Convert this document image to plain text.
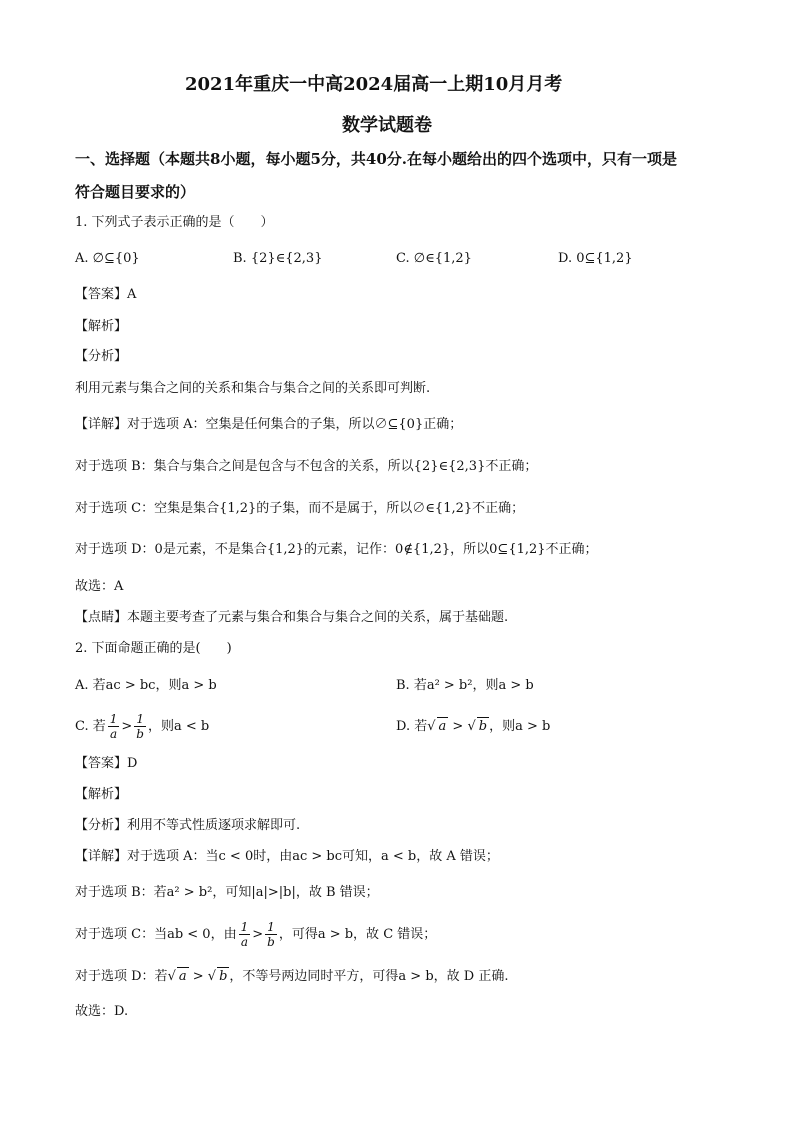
2021年重庆一中高2024届高一上期10月月考
数学试题卷
一、选择题（本题共8小题，每小题5分，共40分.在每小题给出的四个选项中，只有一项是
符合题目要求的）
1. 下列式子表示正确的是（　　）
A. ∅⊆{0}	B. {2}∈{2,3}	C. ∅∈{1,2}	D. 0⊆{1,2}
【答案】A
【解析】
【分析】
利用元素与集合之间的关系和集合与集合之间的关系即可判断.
【详解】对于选项 A：空集是任何集合的子集，所以∅⊆{0}正确；
对于选项 B：集合与集合之间是包含与不包含的关系，所以{2}∈{2,3}不正确；
对于选项 C：空集是集合{1,2}的子集，而不是属于，所以∅∈{1,2}不正确；
对于选项 D：0是元素，不是集合{1,2}的元素，记作：0∉{1,2}，所以0⊆{1,2}不正确；
故选：A
【点睛】本题主要考查了元素与集合和集合与集合之间的关系，属于基础题.
2. 下面命题正确的是(　　)
A. 若ac > bc，则a > b	B. 若a² > b²，则a > b
C. 若 $\frac{1}{a} > \frac{1}{b}$ ，则a < b	D. 若√ a > √ b ，则a > b
【答案】D
【解析】
【分析】利用不等式性质逐项求解即可.
【详解】对于选项 A：当c < 0时，由ac > bc可知，a < b，故 A 错误；
对于选项 B：若a² > b²，可知|a|>|b|，故 B 错误；
对于选项 C：当ab < 0，由 $\frac{1}{a} > \frac{1}{b}$ ，可得a > b，故 C 错误；
对于选项 D：若√ a > √ b ，不等号两边同时平方，可得a > b，故 D 正确.
故选：D.
